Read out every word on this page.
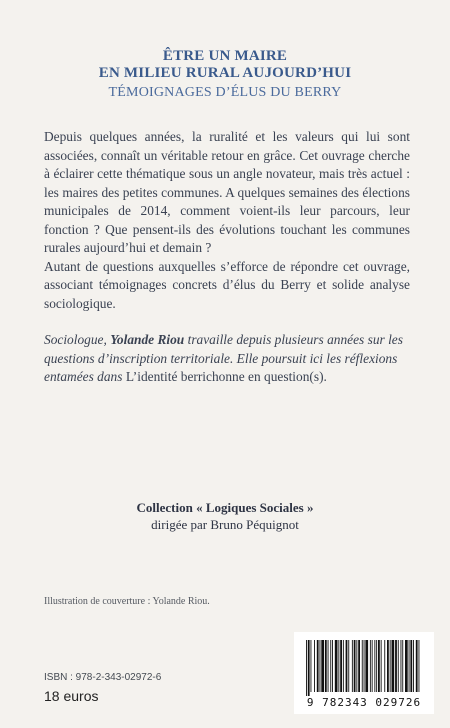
ÊTRE UN MAIRE
EN MILIEU RURAL AUJOURD’HUI
TÉMOIGNAGES D’ÉLUS DU BERRY

Depuis quelques années, la ruralité et les valeurs qui lui sont associées, connaît un véritable retour en grâce. Cet ouvrage cherche à éclairer cette thématique sous un angle novateur, mais très actuel : les maires des petites communes. A quelques semaines des élections municipales de 2014, comment voient-ils leur parcours, leur fonction ? Que pensent-ils des évolutions touchant les communes rurales aujourd’hui et demain ?

Autant de questions auxquelles s’efforce de répondre cet ouvrage, associant témoignages concrets d’élus du Berry et solide analyse sociologique.

Sociologue, Yolande Riou travaille depuis plusieurs années sur les questions d’inscription territoriale. Elle poursuit ici les réflexions entamées dans L’identité berrichonne en question(s).
Collection « Logiques Sociales »
dirigée par Bruno Péquignot
Illustration de couverture : Yolande Riou.
ISBN : 978-2-343-02972-6
18 euros	9 782343 029726
